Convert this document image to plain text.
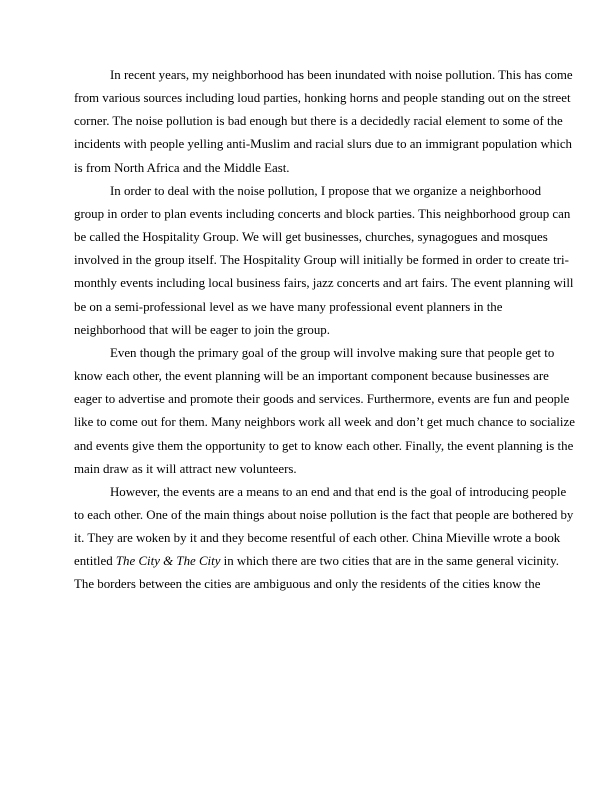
In recent years, my neighborhood has been inundated with noise pollution. This has come
from various sources including loud parties, honking horns and people standing out on the street
corner. The noise pollution is bad enough but there is a decidedly racial element to some of the
incidents with people yelling anti-Muslim and racial slurs due to an immigrant population which
is from North Africa and the Middle East.
In order to deal with the noise pollution, I propose that we organize a neighborhood
group in order to plan events including concerts and block parties. This neighborhood group can
be called the Hospitality Group. We will get businesses, churches, synagogues and mosques
involved in the group itself. The Hospitality Group will initially be formed in order to create tri-
monthly events including local business fairs, jazz concerts and art fairs. The event planning will
be on a semi-professional level as we have many professional event planners in the
neighborhood that will be eager to join the group.
Even though the primary goal of the group will involve making sure that people get to
know each other, the event planning will be an important component because businesses are
eager to advertise and promote their goods and services. Furthermore, events are fun and people
like to come out for them. Many neighbors work all week and don’t get much chance to socialize
and events give them the opportunity to get to know each other. Finally, the event planning is the
main draw as it will attract new volunteers.
However, the events are a means to an end and that end is the goal of introducing people
to each other. One of the main things about noise pollution is the fact that people are bothered by
it. They are woken by it and they become resentful of each other. China Mieville wrote a book
entitled The City & The City in which there are two cities that are in the same general vicinity.
The borders between the cities are ambiguous and only the residents of the cities know the
